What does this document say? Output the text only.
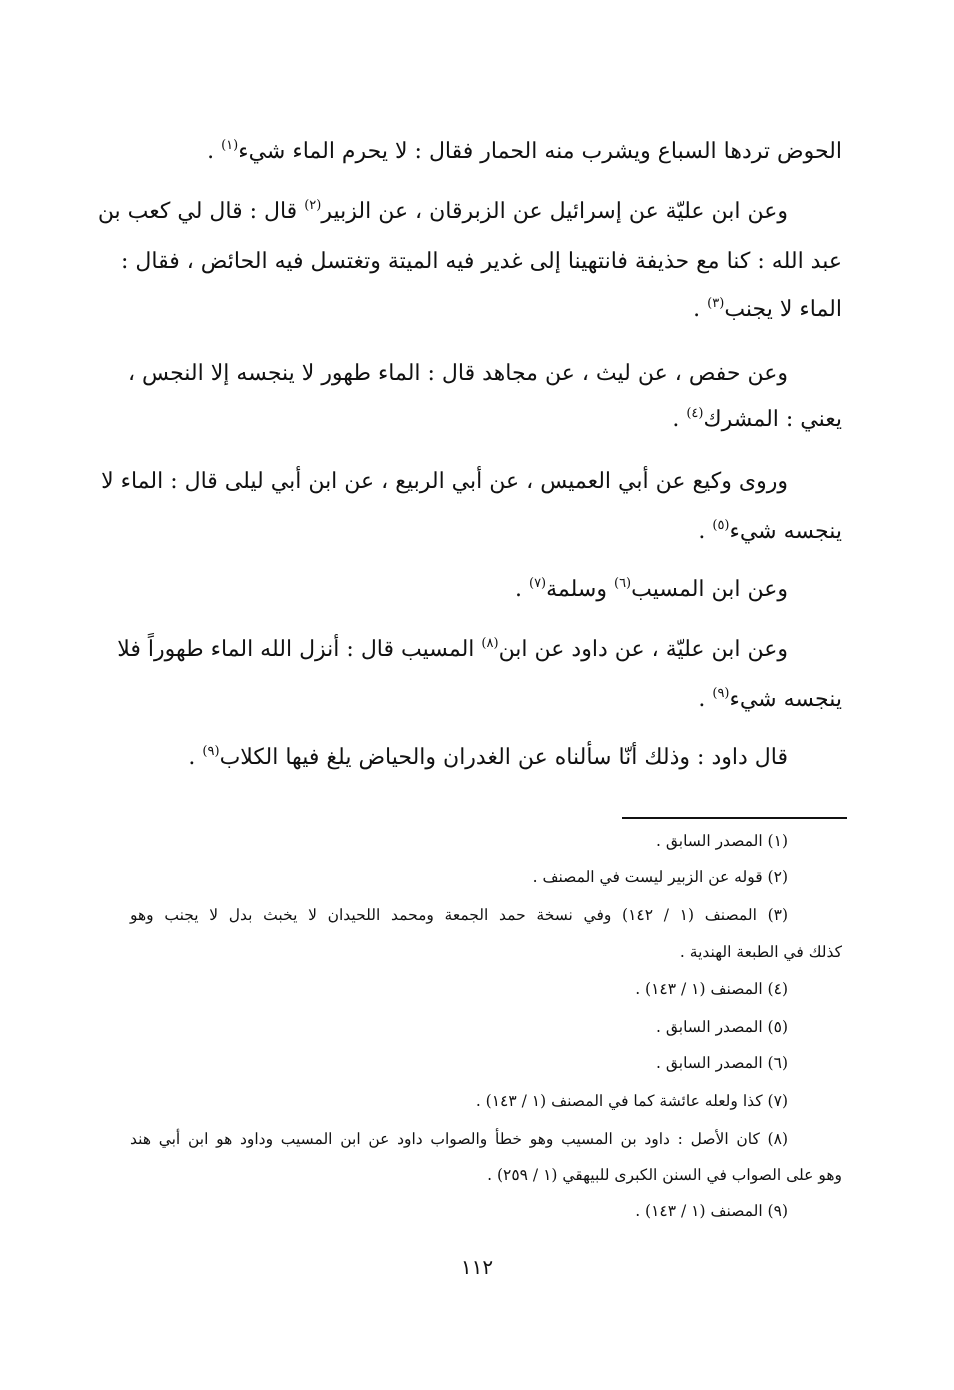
الحوض تردها السباع ويشرب منه الحمار فقال : لا يحرم الماء شيء$^{(١)}$ .
وعن ابن عليّة عن إسرائيل عن الزبرقان ، عن الزبير$^{(٢)}$ قال : قال لي كعب بن
عبد الله : كنا مع حذيفة فانتهينا إلى غدير فيه الميتة وتغتسل فيه الحائض ، فقال :
الماء لا يجنب$^{(٣)}$ .
وعن حفص ، عن ليث ، عن مجاهد قال : الماء طهور لا ينجسه إلا النجس ،
يعني : المشرك$^{(٤)}$ .
وروى وكيع عن أبي العميس ، عن أبي الربيع ، عن ابن أبي ليلى قال : الماء لا
ينجسه شيء$^{(٥)}$ .
وعن ابن المسيب$^{(٦)}$ وسلمة$^{(٧)}$ .
وعن ابن عليّة ، عن داود عن ابن$^{(٨)}$ المسيب قال : أنزل الله الماء طهوراً فلا
ينجسه شيء$^{(٩)}$ .
قال داود : وذلك أنّا سألناه عن الغدران والحياض يلغ فيها الكلاب$^{(٩)}$ .
(١) المصدر السابق .
(٢) قوله عن الزبير ليست في المصنف .
(٣) المصنف (١ / ١٤٢) وفي نسخة حمد الجمعة ومحمد اللحيدان لا يخبث بدل لا يجنب وهو
كذلك في الطبعة الهندية .
(٤) المصنف (١ / ١٤٣) .
(٥) المصدر السابق .
(٦) المصدر السابق .
(٧) كذا ولعله عائشة كما في المصنف (١ / ١٤٣) .
(٨) كان الأصل : داود بن المسيب وهو خطأ والصواب داود عن ابن المسيب وداود هو ابن أبي هند
وهو على الصواب في السنن الكبرى للبيهقي (١ / ٢٥٩) .
(٩) المصنف (١ / ١٤٣) .
١١٢
